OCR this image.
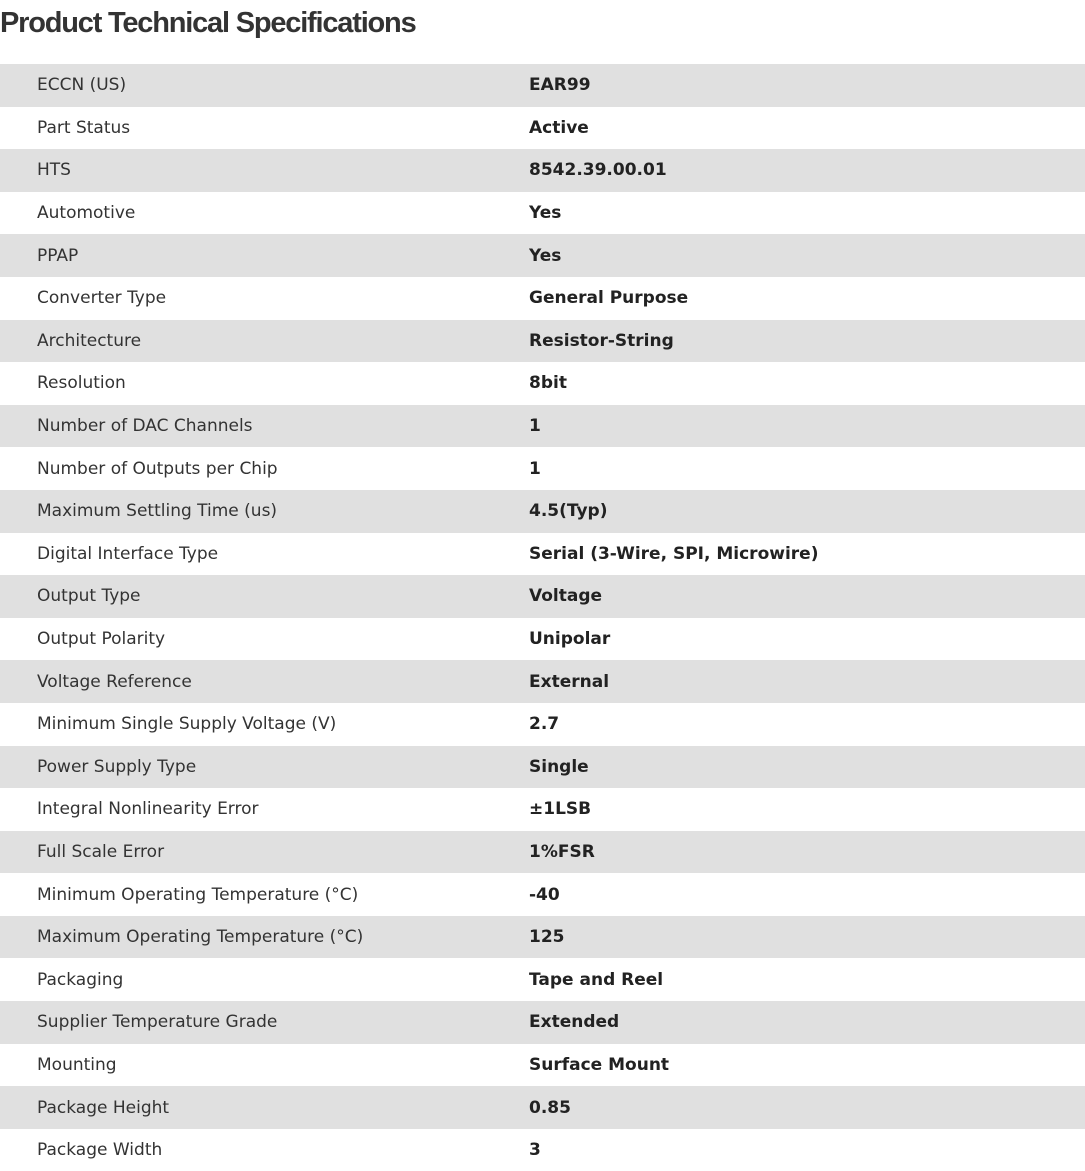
Product Technical Specifications
ECCN (US)	EAR99
Part Status	Active
HTS	8542.39.00.01
Automotive	Yes
PPAP	Yes
Converter Type	General Purpose
Architecture	Resistor-String
Resolution	8bit
Number of DAC Channels	1
Number of Outputs per Chip	1
Maximum Settling Time (us)	4.5(Typ)
Digital Interface Type	Serial (3-Wire, SPI, Microwire)
Output Type	Voltage
Output Polarity	Unipolar
Voltage Reference	External
Minimum Single Supply Voltage (V)	2.7
Power Supply Type	Single
Integral Nonlinearity Error	±1LSB
Full Scale Error	1%FSR
Minimum Operating Temperature (°C)	-40
Maximum Operating Temperature (°C)	125
Packaging	Tape and Reel
Supplier Temperature Grade	Extended
Mounting	Surface Mount
Package Height	0.85
Package Width	3
